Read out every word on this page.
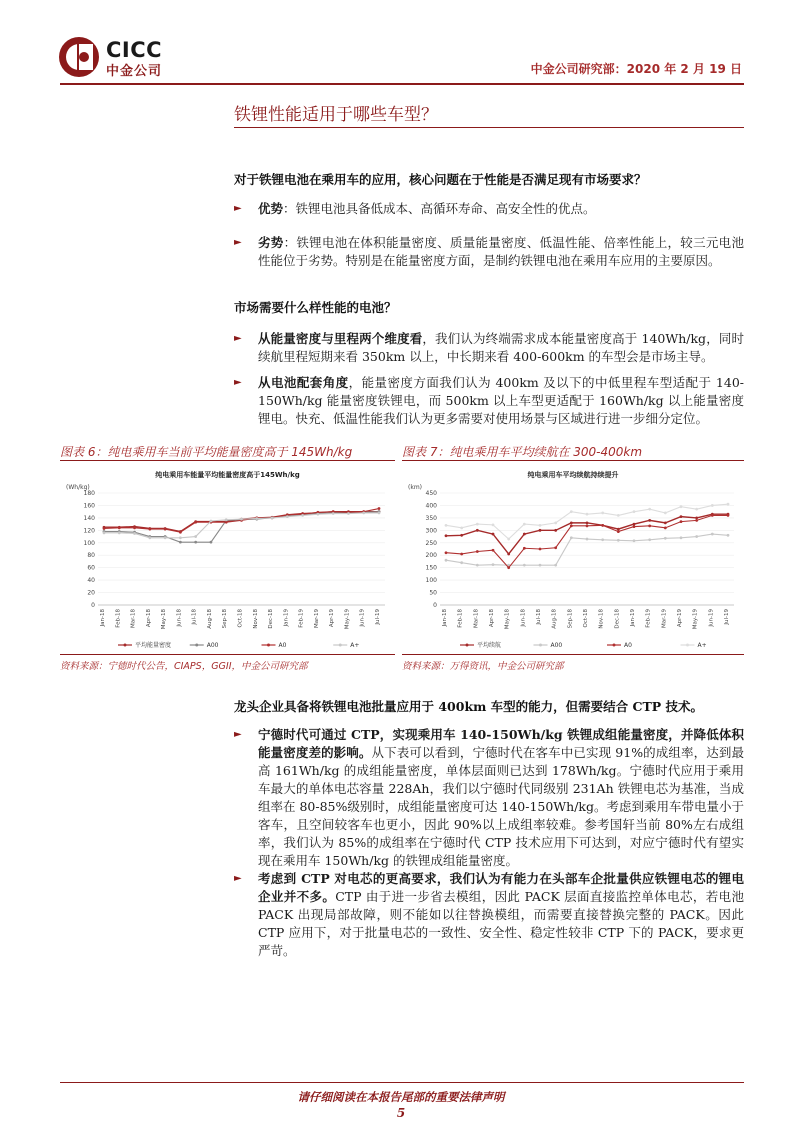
CICC
中金公司	中金公司研究部：2020 年 2 月 19 日
铁锂性能适用于哪些车型？
对于铁锂电池在乘用车的应用，核心问题在于性能是否满足现有市场要求？
► 优势：铁锂电池具备低成本、高循环寿命、高安全性的优点。
► 劣势：铁锂电池在体积能量密度、质量能量密度、低温性能、倍率性能上，较三元电池性能位于劣势。特别是在能量密度方面，是制约铁锂电池在乘用车应用的主要原因。
市场需要什么样性能的电池？
► 从能量密度与里程两个维度看，我们认为终端需求成本能量密度高于 140Wh/kg，同时续航里程短期来看 350km 以上，中长期来看 400-600km 的车型会是市场主导。
► 从电池配套角度，能量密度方面我们认为 400km 及以下的中低里程车型适配于 140-150Wh/kg 能量密度铁锂电，而 500km 以上车型更适配于 160Wh/kg 以上能量密度锂电。快充、低温性能我们认为更多需要对使用场景与区域进行进一步细分定位。
图表 6：纯电乘用车当前平均能量密度高于 145Wh/kg	图表 7：纯电乘用车平均续航在 300-400km
纯电乘用车能量平均能量密度高于145Wh/kg
(Wh/kg)
180
160
140
120
100
80
60
40
20
0
Jan-18 Feb-18 Mar-18 Apr-18 May-18 Jun-18 Jul-18 Aug-18 Sep-18 Oct-18 Nov-18 Dec-18 Jan-19 Feb-19 Mar-19 Apr-19 May-19 Jun-19 Jul-19
平均能量密度	A00	A0	A+
纯电乘用车平均续航持续提升
(km)
450
400
350
300
250
200
150
100
50
0
Jan-18 Feb-18 Mar-18 Apr-18 May-18 Jun-18 Jul-18 Aug-18 Sep-18 Oct-18 Nov-18 Dec-18 Jan-19 Feb-19 Mar-19 Apr-19 May-19 Jun-19 Jul-19
平均续航	A00	A0	A+
资料来源：宁德时代公告，CIAPS，GGII，中金公司研究部	资料来源：万得资讯，中金公司研究部
龙头企业具备将铁锂电池批量应用于 400km 车型的能力，但需要结合 CTP 技术。
► 宁德时代可通过 CTP，实现乘用车 140-150Wh/kg 铁锂成组能量密度，并降低体积能量密度差的影响。从下表可以看到，宁德时代在客车中已实现 91%的成组率，达到最高 161Wh/kg 的成组能量密度，单体层面则已达到 178Wh/kg。宁德时代应用于乘用车最大的单体电芯容量 228Ah，我们以宁德时代同级别 231Ah 铁锂电芯为基准，当成组率在 80-85%级别时，成组能量密度可达 140-150Wh/kg。考虑到乘用车带电量小于客车，且空间较客车也更小，因此 90%以上成组率较难。参考国轩当前 80%左右成组率，我们认为 85%的成组率在宁德时代 CTP 技术应用下可达到，对应宁德时代有望实现在乘用车 150Wh/kg 的铁锂成组能量密度。
► 考虑到 CTP 对电芯的更高要求，我们认为有能力在头部车企批量供应铁锂电芯的锂电企业并不多。CTP 由于进一步省去模组，因此 PACK 层面直接监控单体电芯，若电池 PACK 出现局部故障，则不能如以往替换模组，而需要直接替换完整的 PACK。因此 CTP 应用下，对于批量电芯的一致性、安全性、稳定性较非 CTP 下的 PACK，要求更严苛。
请仔细阅读在本报告尾部的重要法律声明
5
